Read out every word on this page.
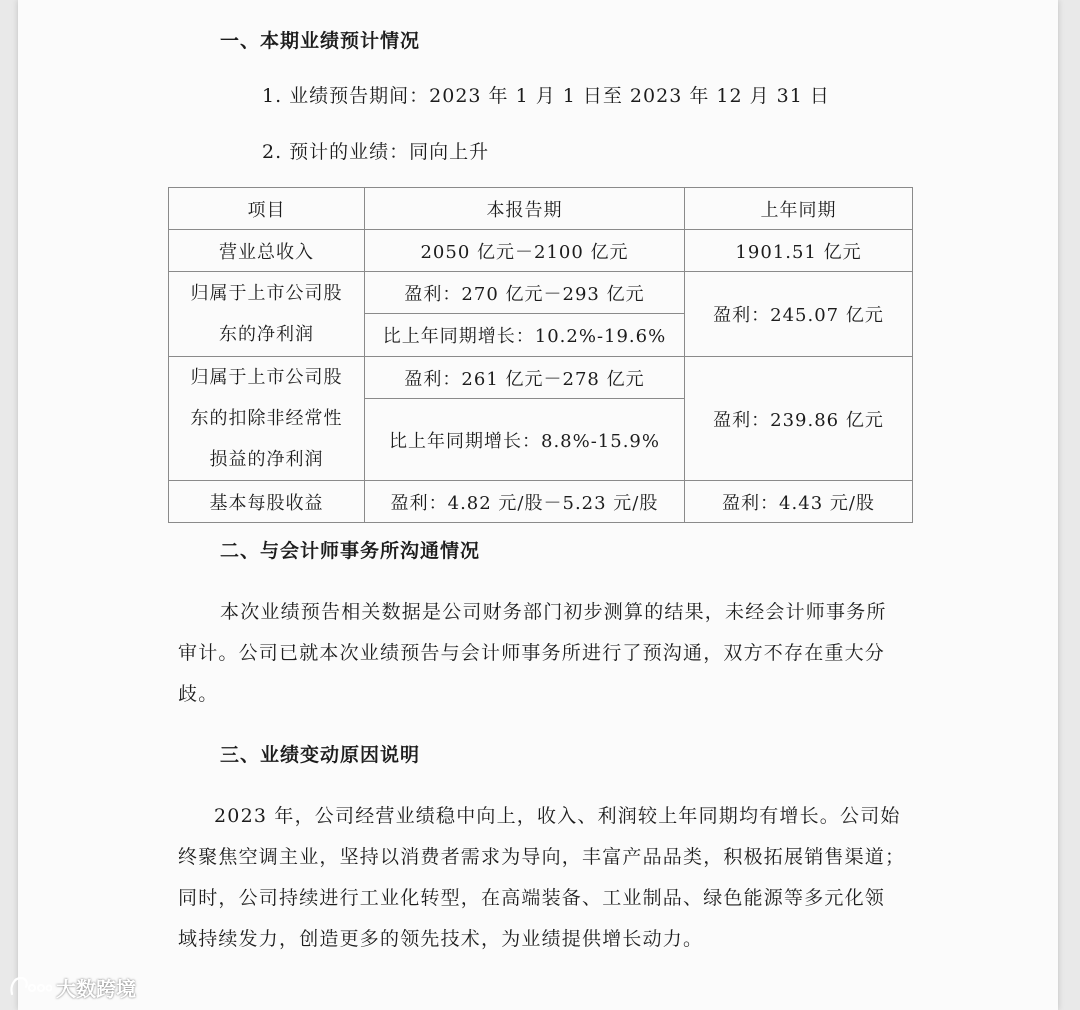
一、本期业绩预计情况
1. 业绩预告期间：2023 年 1 月 1 日至 2023 年 12 月 31 日
2. 预计的业绩：同向上升
项目	本报告期	上年同期
营业总收入	2050 亿元－2100 亿元	1901.51 亿元

归属于上市公司股
东的净利润	盈利：270 亿元－293 亿元	盈利：245.07 亿元
	比上年同期增长：10.2%-19.6%	

归属于上市公司股
东的扣除非经常性
损益的净利润	盈利：261 亿元－278 亿元	盈利：239.86 亿元
	比上年同期增长：8.8%-15.9%	
基本每股收益	盈利：4.82 元/股－5.23 元/股	盈利：4.43 元/股
二、与会计师事务所沟通情况
本次业绩预告相关数据是公司财务部门初步测算的结果，未经会计师事务所
审计。公司已就本次业绩预告与会计师事务所进行了预沟通，双方不存在重大分
歧。
三、业绩变动原因说明
2023 年，公司经营业绩稳中向上，收入、利润较上年同期均有增长。公司始
终聚焦空调主业，坚持以消费者需求为导向，丰富产品品类，积极拓展销售渠道；
同时，公司持续进行工业化转型，在高端装备、工业制品、绿色能源等多元化领
域持续发力，创造更多的领先技术，为业绩提供增长动力。
大数跨境
